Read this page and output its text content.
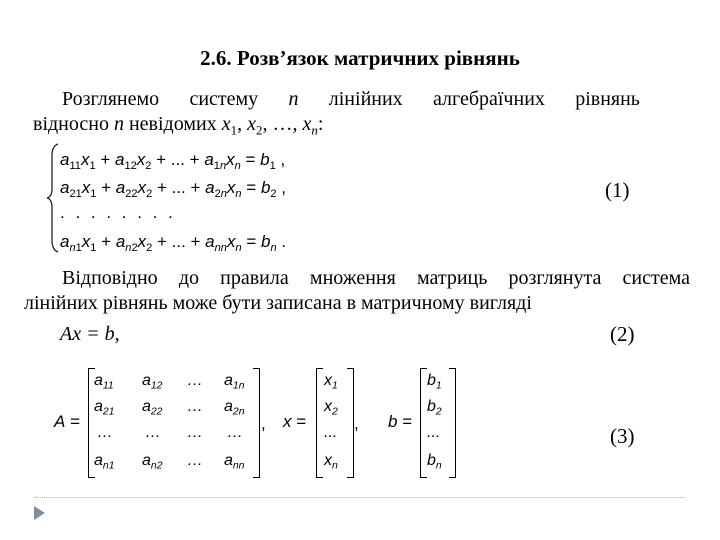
2.6. Розв’язок матричних рівнянь
Розглянемо систему n лінійних алгебраїчних рівнянь
відносно n невідомих $x_1$, $x_2$, …, $x_n$:
$a_{11}x_1 + a_{12}x_2$ + ... + $a_{1n}x_n = b_1$ ,
$a_{21}x_1 + a_{22}x_2$ + ... + $a_{2n}x_n = b_2$ ,
. . . . . . . .
$a_{n1}x_1 + a_{n2}x_2$ + ... + $a_{nn}x_n = b_n$ .
(1)
Відповідно до правила множення матриць розглянута система
лінійних рівнянь може бути записана в матричному вигляді
Ax = b,	(2)
A =
$a_{11}$ $a_{12}$ … $a_{1n}$
$a_{21}$ $a_{22}$ … $a_{2n}$
… … … …
$a_{n1}$ $a_{n2}$ … $a_{nn}$
, x =
$x_1$
$x_2$
...
$x_n$
, b =
$b_1$
$b_2$
...
$b_n$
(3)
